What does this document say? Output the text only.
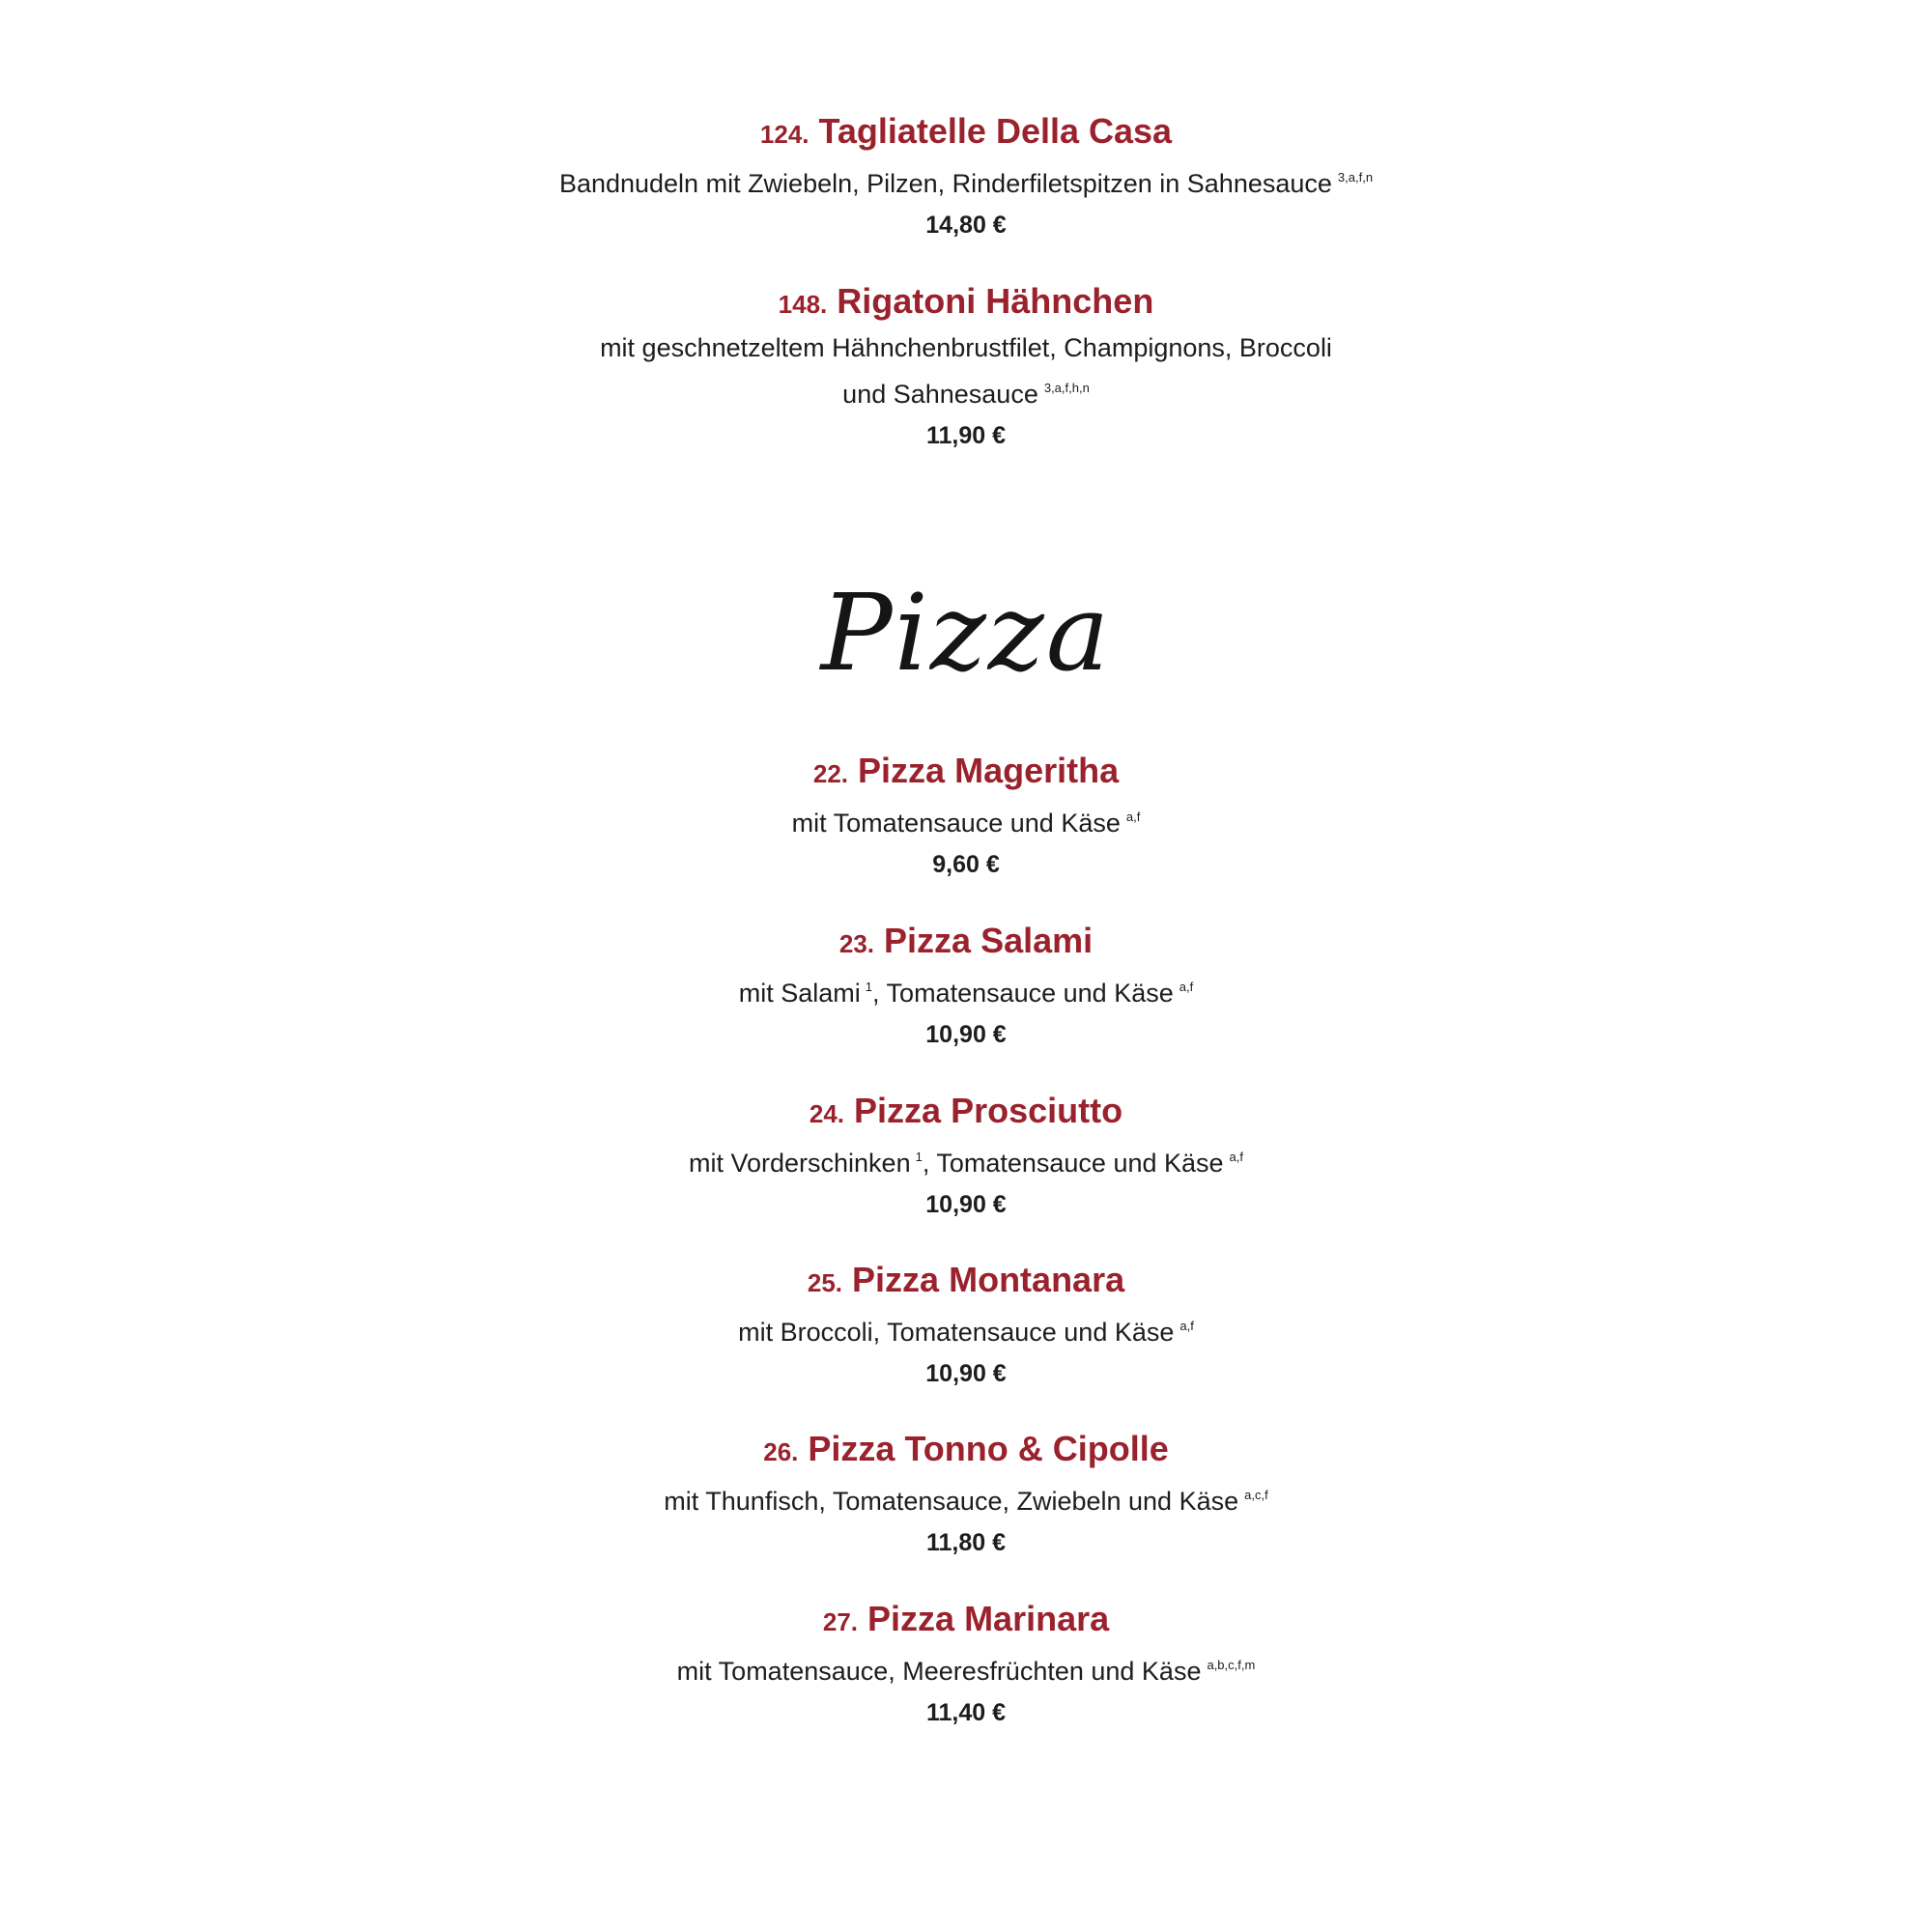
124. Tagliatelle Della Casa

Bandnudeln mit Zwiebeln, Pilzen, Rinderfiletspitzen in Sahnesauce $^{3,a,f,n}$

14,80 €

148. Rigatoni Hähnchen

mit geschnetzeltem Hähnchenbrustfilet, Champignons, Broccoli
und Sahnesauce $^{3,a,f,h,n}$

11,90 €

Pizza

22. Pizza Mageritha

mit Tomatensauce und Käse $^{a,f}$

9,60 €

23. Pizza Salami

mit Salami $^1$, Tomatensauce und Käse $^{a,f}$

10,90 €

24. Pizza Prosciutto

mit Vorderschinken $^1$, Tomatensauce und Käse $^{a,f}$

10,90 €

25. Pizza Montanara

mit Broccoli, Tomatensauce und Käse $^{a,f}$

10,90 €

26. Pizza Tonno & Cipolle

mit Thunfisch, Tomatensauce, Zwiebeln und Käse $^{a,c,f}$

11,80 €

27. Pizza Marinara

mit Tomatensauce, Meeresfrüchten und Käse $^{a,b,c,f,m}$

11,40 €
